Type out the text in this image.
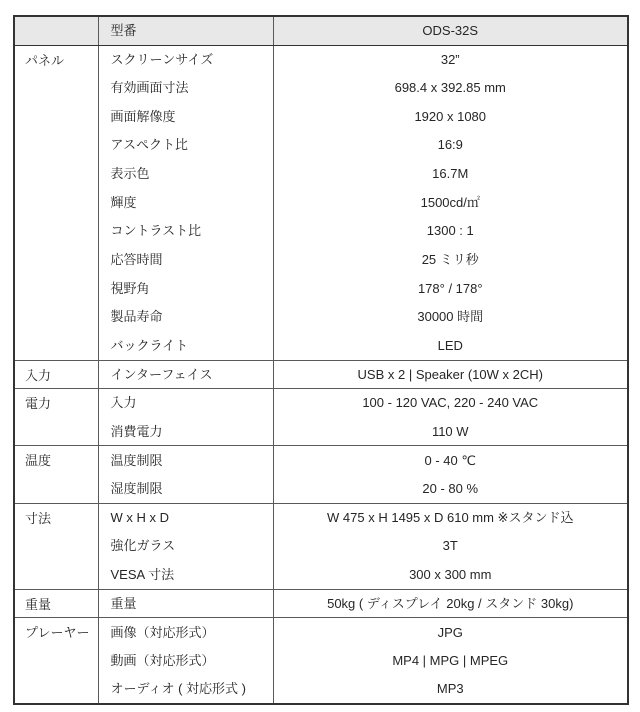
	型番	ODS-32S
パネル	スクリーンサイズ	32”
	有効画面寸法	698.4 x 392.85 mm
	画面解像度	1920 x 1080
	アスペクト比	16:9
	表示色	16.7M
	輝度	1500cd/㎡
	コントラスト比	1300 : 1
	応答時間	25 ミリ秒
	視野角	178° / 178°
	製品寿命	30000 時間
	バックライト	LED
入力	インターフェイス	USB x 2 | Speaker (10W x 2CH)
電力	入力	100 - 120 VAC, 220 - 240 VAC
	消費電力	110 W
温度	温度制限	0 - 40 ℃
	湿度制限	20 - 80 %
寸法	W x H x D	W 475 x H 1495 x D 610 mm ※スタンド込
	強化ガラス	3T
	VESA 寸法	300 x 300 mm
重量	重量	50kg ( ディスプレイ 20kg / スタンド 30kg)
プレーヤー	画像（対応形式）	JPG
	動画（対応形式）	MP4 | MPG | MPEG
	オーディオ ( 対応形式 )	MP3
